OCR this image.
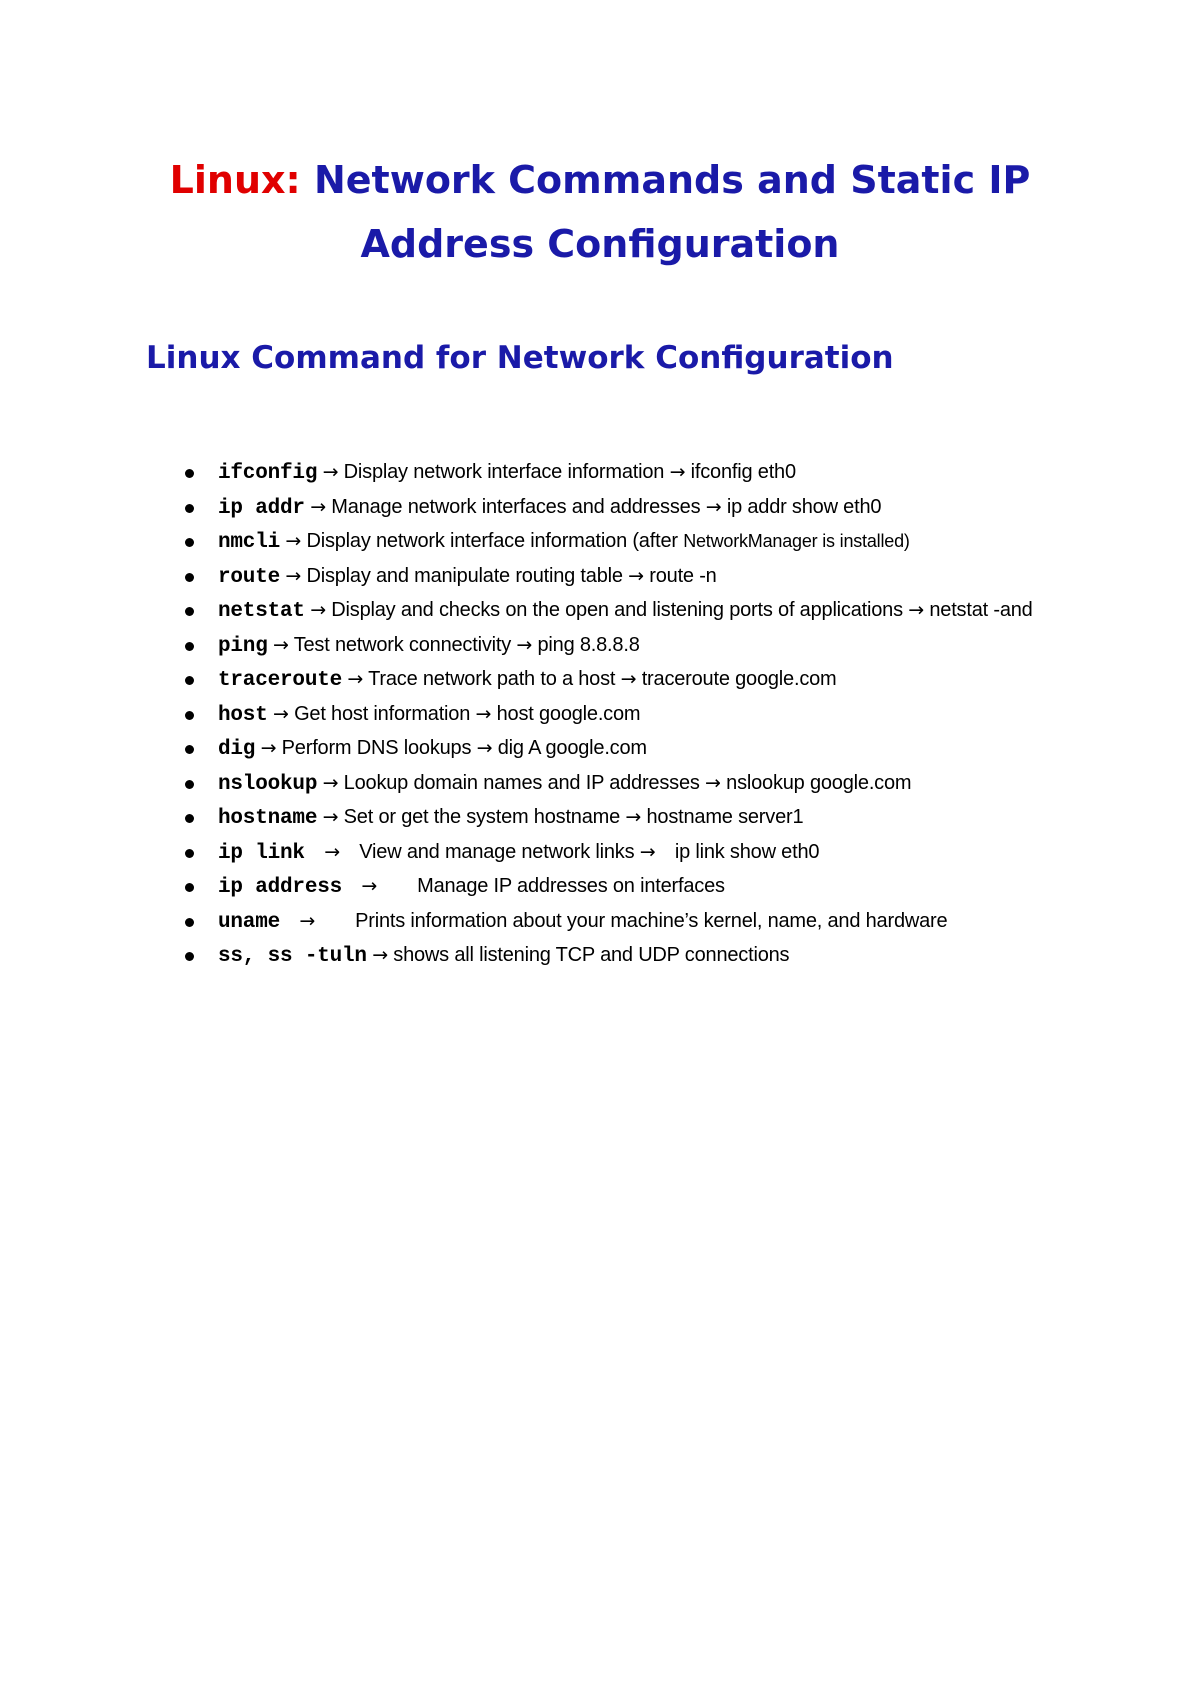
Linux: Network Commands and Static IP
Address Configuration
Linux Command for Network Configuration
ifconfig → Display network interface information → ifconfig eth0
ip addr → Manage network interfaces and addresses → ip addr show eth0
nmcli → Display network interface information (after NetworkManager is installed)
route → Display and manipulate routing table → route -n
netstat → Display and checks on the open and listening ports of applications → netstat -and
ping → Test network connectivity → ping 8.8.8.8
traceroute → Trace network path to a host → traceroute google.com
host → Get host information → host google.com
dig → Perform DNS lookups → dig A google.com
nslookup → Lookup domain names and IP addresses → nslookup google.com
hostname → Set or get the system hostname → hostname server1
ip link → View and manage network links → ip link show eth0
ip address → Manage IP addresses on interfaces
uname → Prints information about your machine’s kernel, name, and hardware
ss, ss -tuln → shows all listening TCP and UDP connections
